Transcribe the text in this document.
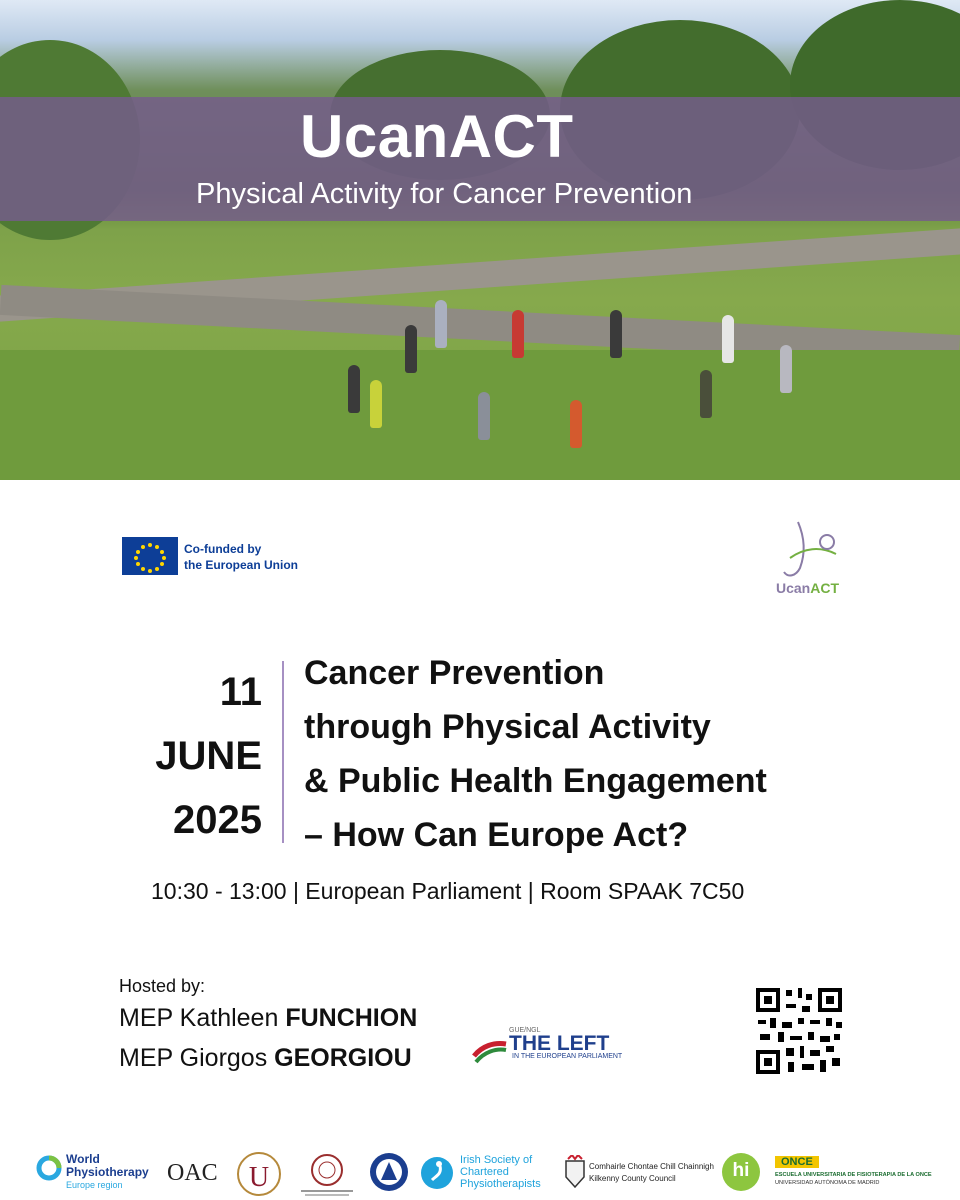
UcanACT
Physical Activity for Cancer Prevention
Co-funded by
the European Union
UcanACT
11
JUNE
2025
Cancer Prevention
through Physical Activity
& Public Health Engagement
– How Can Europe Act?
10:30 - 13:00 | European Parliament | Room SPAAK 7C50
Hosted by:
MEP Kathleen FUNCHION
MEP Giorgos GEORGIOU
GUE/NGL
THE LEFT
IN THE EUROPEAN PARLIAMENT
World
Physiotherapy
Europe region	OAC U
Irish Society of
Chartered
Physiotherapists
Comhairle Chontae Chill Chainnigh
Kilkenny County Council	hi	ONCE
ESCUELA UNIVERSITARIA DE FISIOTERAPIA DE LA ONCE
UNIVERSIDAD AUTÓNOMA DE MADRID
